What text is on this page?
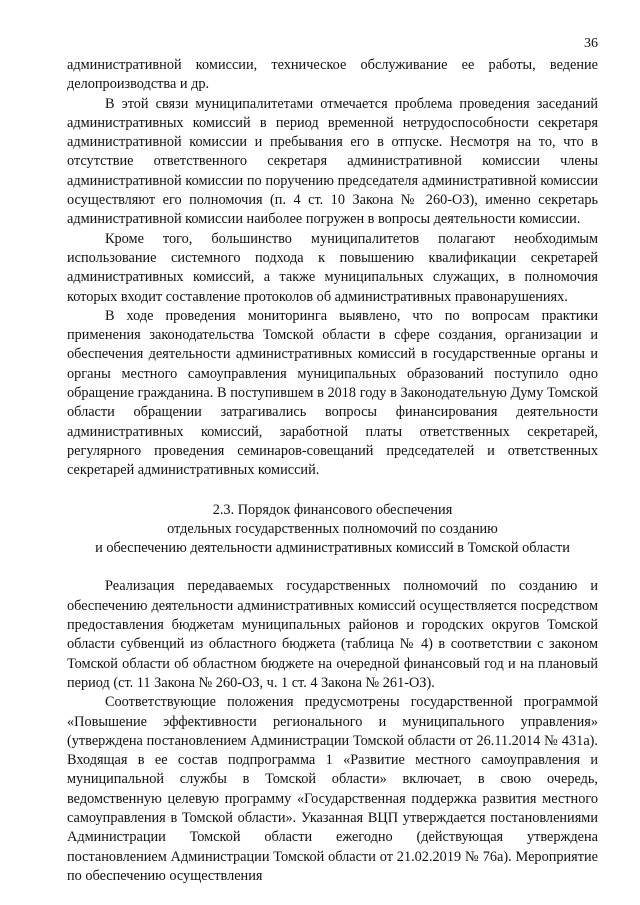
36

административной комиссии, техническое обслуживание ее работы, ведение делопроизводства и др.

В этой связи муниципалитетами отмечается проблема проведения заседаний административных комиссий в период временной нетрудоспособности секретаря административной комиссии и пребывания его в отпуске. Несмотря на то, что в отсутствие ответственного секретаря административной комиссии члены административной комиссии по поручению председателя административной комиссии осуществляют его полномочия (п. 4 ст. 10 Закона № 260-ОЗ), именно секретарь административной комиссии наиболее погружен в вопросы деятельности комиссии.

Кроме того, большинство муниципалитетов полагают необходимым использование системного подхода к повышению квалификации секретарей административных комиссий, а также муниципальных служащих, в полномочия которых входит составление протоколов об административных правонарушениях.

В ходе проведения мониторинга выявлено, что по вопросам практики применения законодательства Томской области в сфере создания, организации и обеспечения деятельности административных комиссий в государственные органы и органы местного самоуправления муниципальных образований поступило одно обращение гражданина. В поступившем в 2018 году в Законодательную Думу Томской области обращении затрагивались вопросы финансирования деятельности административных комиссий, заработной платы ответственных секретарей, регулярного проведения семинаров-совещаний председателей и ответственных секретарей административных комиссий.

2.3. Порядок финансового обеспечения
отдельных государственных полномочий по созданию
и обеспечению деятельности административных комиссий в Томской области

Реализация передаваемых государственных полномочий по созданию и обеспечению деятельности административных комиссий осуществляется посредством предоставления бюджетам муниципальных районов и городских округов Томской области субвенций из областного бюджета (таблица № 4) в соответствии с законом Томской области об областном бюджете на очередной финансовый год и на плановый период (ст. 11 Закона № 260-ОЗ, ч. 1 ст. 4 Закона № 261-ОЗ).

Соответствующие положения предусмотрены государственной программой «Повышение эффективности регионального и муниципального управления» (утверждена постановлением Администрации Томской области от 26.11.2014 № 431а). Входящая в ее состав подпрограмма 1 «Развитие местного самоуправления и муниципальной службы в Томской области» включает, в свою очередь, ведомственную целевую программу «Государственная поддержка развития местного самоуправления в Томской области». Указанная ВЦП утверждается постановлениями Администрации Томской области ежегодно (действующая утверждена постановлением Администрации Томской области от 21.02.2019 № 76а). Мероприятие по обеспечению осуществления
